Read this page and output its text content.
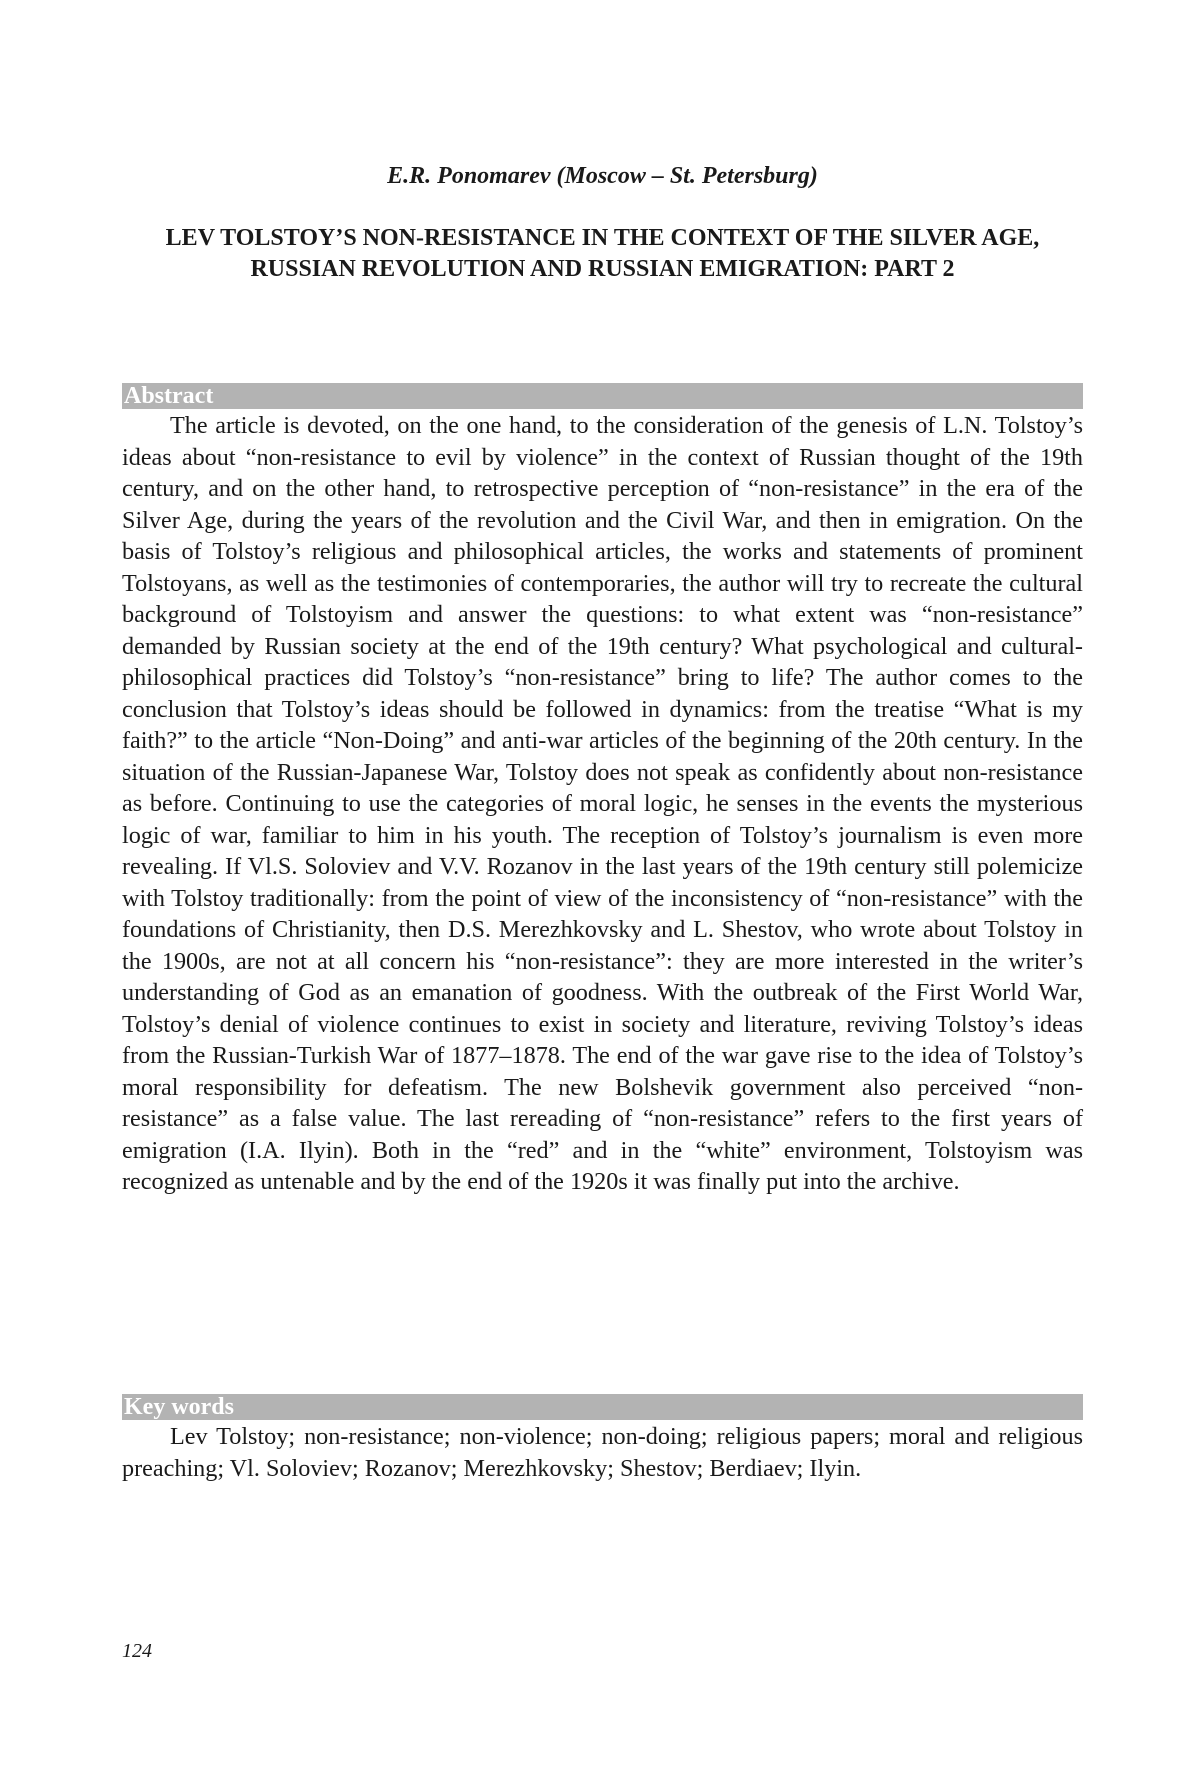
E.R. Ponomarev (Moscow – St. Petersburg)

LEV TOLSTOY’S NON-RESISTANCE IN THE CONTEXT OF THE SILVER AGE, RUSSIAN REVOLUTION AND RUSSIAN EMIGRATION: PART 2
Abstract

The article is devoted, on the one hand, to the consideration of the genesis of L.N. Tolstoy’s ideas about “non-resistance to evil by violence” in the context of Russian thought of the 19th century, and on the other hand, to retrospective perception of “non-resistance” in the era of the Silver Age, during the years of the revolution and the Civil War, and then in emigration. On the basis of Tolstoy’s religious and philosophical articles, the works and statements of prominent Tolstoyans, as well as the testimonies of contemporaries, the author will try to recreate the cultural background of Tolstoyism and answer the questions: to what extent was “non-resistance” demanded by Russian society at the end of the 19th century? What psychological and cultural-philosophical practices did Tolstoy’s “non-resistance” bring to life? The author comes to the conclusion that Tolstoy’s ideas should be followed in dynamics: from the treatise “What is my faith?” to the article “Non-Doing” and anti-war articles of the beginning of the 20th century. In the situation of the Russian-Japanese War, Tolstoy does not speak as confidently about non-resistance as before. Continuing to use the categories of moral logic, he senses in the events the mysterious logic of war, familiar to him in his youth. The reception of Tolstoy’s journalism is even more revealing. If Vl.S. Soloviev and V.V. Rozanov in the last years of the 19th century still polemicize with Tolstoy traditionally: from the point of view of the inconsistency of “non-resistance” with the foundations of Christianity, then D.S. Merezhkovsky and L. Shestov, who wrote about Tolstoy in the 1900s, are not at all concern his “non-resistance”: they are more interested in the writer’s understanding of God as an emanation of goodness. With the outbreak of the First World War, Tolstoy’s denial of violence continues to exist in society and literature, reviving Tolstoy’s ideas from the Russian-Turkish War of 1877–1878. The end of the war gave rise to the idea of Tolstoy’s moral responsibility for defeatism. The new Bolshevik government also perceived “non-resistance” as a false value. The last rereading of “non-resistance” refers to the first years of emigration (I.A. Ilyin). Both in the “red” and in the “white” environment, Tolstoyism was recognized as untenable and by the end of the 1920s it was finally put into the archive.

Key words

Lev Tolstoy; non-resistance; non-violence; non-doing; religious papers; moral and religious preaching; Vl. Soloviev; Rozanov; Merezhkovsky; Shestov; Berdiaev; Ilyin.

124
